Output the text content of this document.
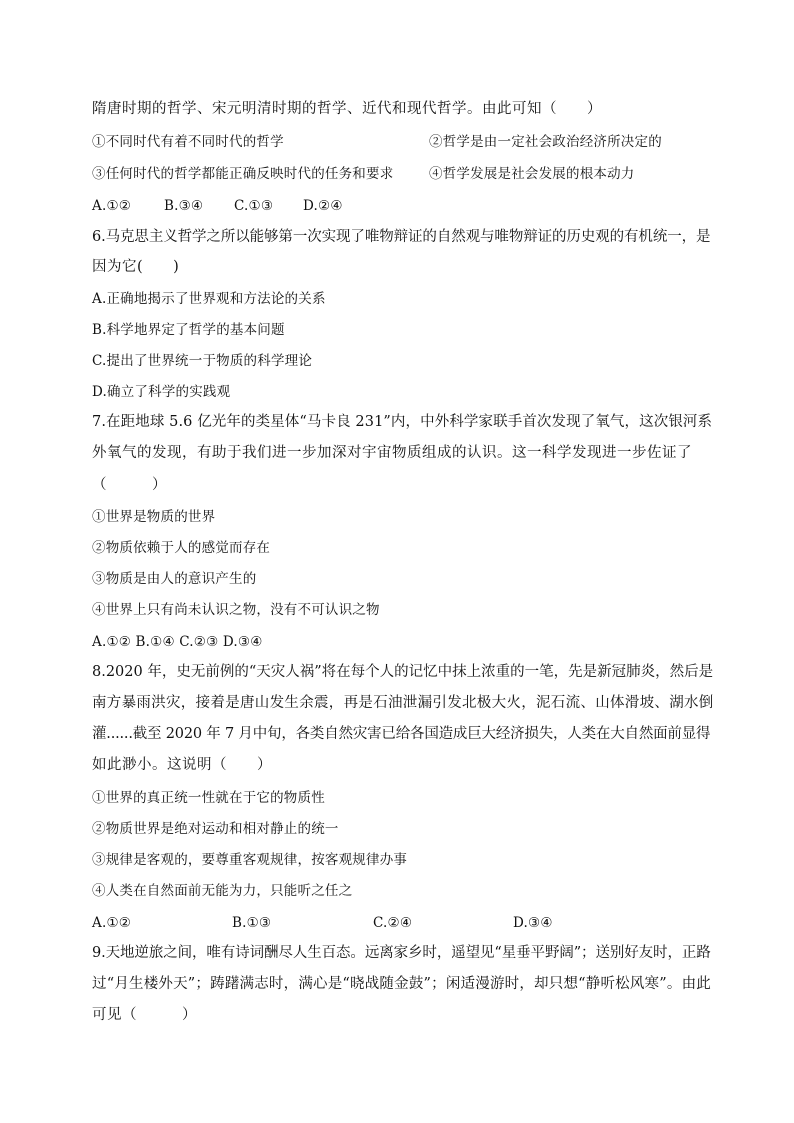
隋唐时期的哲学、宋元明清时期的哲学、近代和现代哲学。由此可知（　　）
①不同时代有着不同时代的哲学	②哲学是由一定社会政治经济所决定的
③任何时代的哲学都能正确反映时代的任务和要求	④哲学发展是社会发展的根本动力
A.①② B.③④ C.①③ D.②④
6.马克思主义哲学之所以能够第一次实现了唯物辩证的自然观与唯物辩证的历史观的有机统一，是
因为它(　　)
A.正确地揭示了世界观和方法论的关系
B.科学地界定了哲学的基本问题
C.提出了世界统一于物质的科学理论
D.确立了科学的实践观
7.在距地球 5.6 亿光年的类星体“马卡良 231”内，中外科学家联手首次发现了氧气，这次银河系
外氧气的发现，有助于我们进一步加深对宇宙物质组成的认识。这一科学发现进一步佐证了
（　　　）
①世界是物质的世界
②物质依赖于人的感觉而存在
③物质是由人的意识产生的
④世界上只有尚未认识之物，没有不可认识之物
A.①② B.①④ C.②③ D.③④
8.2020 年，史无前例的“天灾人祸”将在每个人的记忆中抹上浓重的一笔，先是新冠肺炎，然后是
南方暴雨洪灾，接着是唐山发生余震，再是石油泄漏引发北极大火，泥石流、山体滑坡、湖水倒
灌......截至 2020 年 7 月中旬，各类自然灾害已给各国造成巨大经济损失，人类在大自然面前显得
如此渺小。这说明（　　）
①世界的真正统一性就在于它的物质性
②物质世界是绝对运动和相对静止的统一
③规律是客观的，要尊重客观规律，按客观规律办事
④人类在自然面前无能为力，只能听之任之
A.①②	B.①③	C.②④	D.③④
9.天地逆旅之间，唯有诗词酬尽人生百态。远离家乡时，遥望见“星垂平野阔”；送别好友时，正路
过“月生楼外天”；踌躇满志时，满心是“晓战随金鼓”；闲适漫游时，却只想“静听松风寒”。由此
可见（　　　）
